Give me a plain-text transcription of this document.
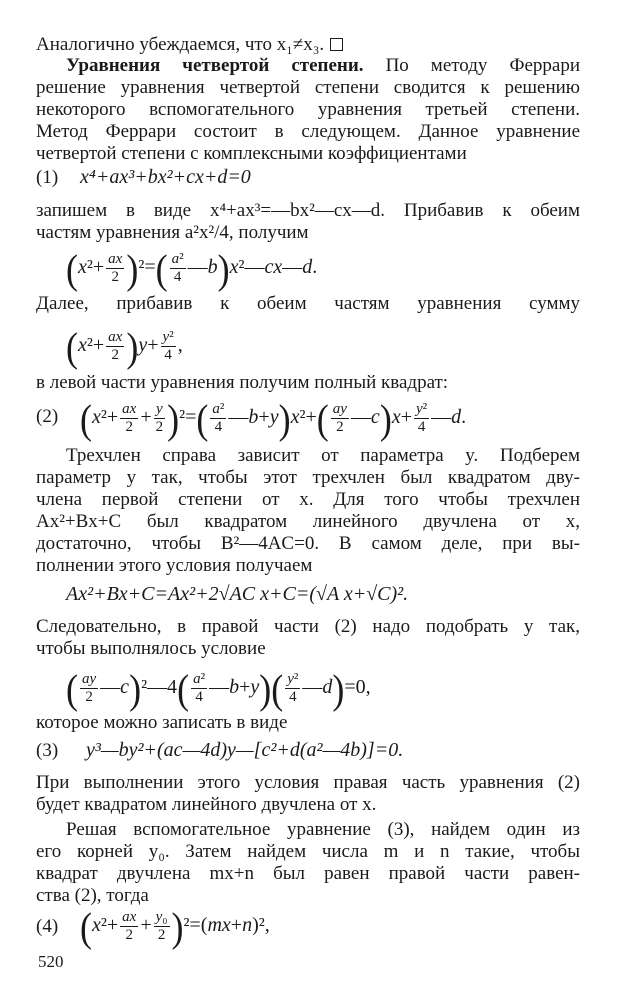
Аналогично убеждаемся, что x₁≠x₃.
Уравнения четвертой степени. По методу Феррари
решение уравнения четвертой степени сводится к решению
некоторого вспомогательного уравнения третьей степени.
Метод Феррари состоит в следующем. Данное уравнение
четвертой степени с комплексными коэффициентами
(1) x⁴+ax³+bx²+cx+d=0
запишем в виде x⁴+ax³=—bx²—cx—d. Прибавив к обеим
частям уравнения a²x²/4, получим
$(x^2+ \frac{ax}{2} )^2=( \frac{\text{a²}}{4}$ —b)x²—cx—d.
Далее, прибавив к обеим частям уравнения сумму
$(x^2+ \frac{ax}{2} )y+ \frac{\text{y²}}{4}$ ,
в левой части уравнения получим полный квадрат:
(2) $(x^2+ \frac{ax}{2} + \frac{y}{2} )^2=( \frac{\text{a²}}{4}$ —b+y)x²+( $\frac{ay}{2}$ —c)x+ $\frac{\text{y²}}{4}$ —d.
Трехчлен справа зависит от параметра y. Подберем
параметр y так, чтобы этот трехчлен был квадратом дву-
члена первой степени от x. Для того чтобы трехчлен
Ax²+Bx+C был квадратом линейного двучлена от x,
достаточно, чтобы B²—4AC=0. В самом деле, при вы-
полнении этого условия получаем
Ax²+Bx+C=Ax²+2√AC x+C=(√A x+√C)².
Следовательно, в правой части (2) надо подобрать y так,
чтобы выполнялось условие
( $\frac{ay}{2}$ —c)²—4( $\frac{\text{a²}}{4}$ —b+y)( $\frac{\text{y²}}{4}$ —d)=0,
которое можно записать в виде
(3) y³—by²+(ac—4d)y—[c²+d(a²—4b)]=0.
При выполнении этого условия правая часть уравнения (2)
будет квадратом линейного двучлена от x.
Решая вспомогательное уравнение (3), найдем один из
его корней y₀. Затем найдем числа m и n такие, чтобы
квадрат двучлена mx+n был равен правой части равен-
ства (2), тогда
(4) $(x^2+ \frac{ax}{2} + \frac{\text{y₀}}{2} )^2=(mx+n)^2$,
520
